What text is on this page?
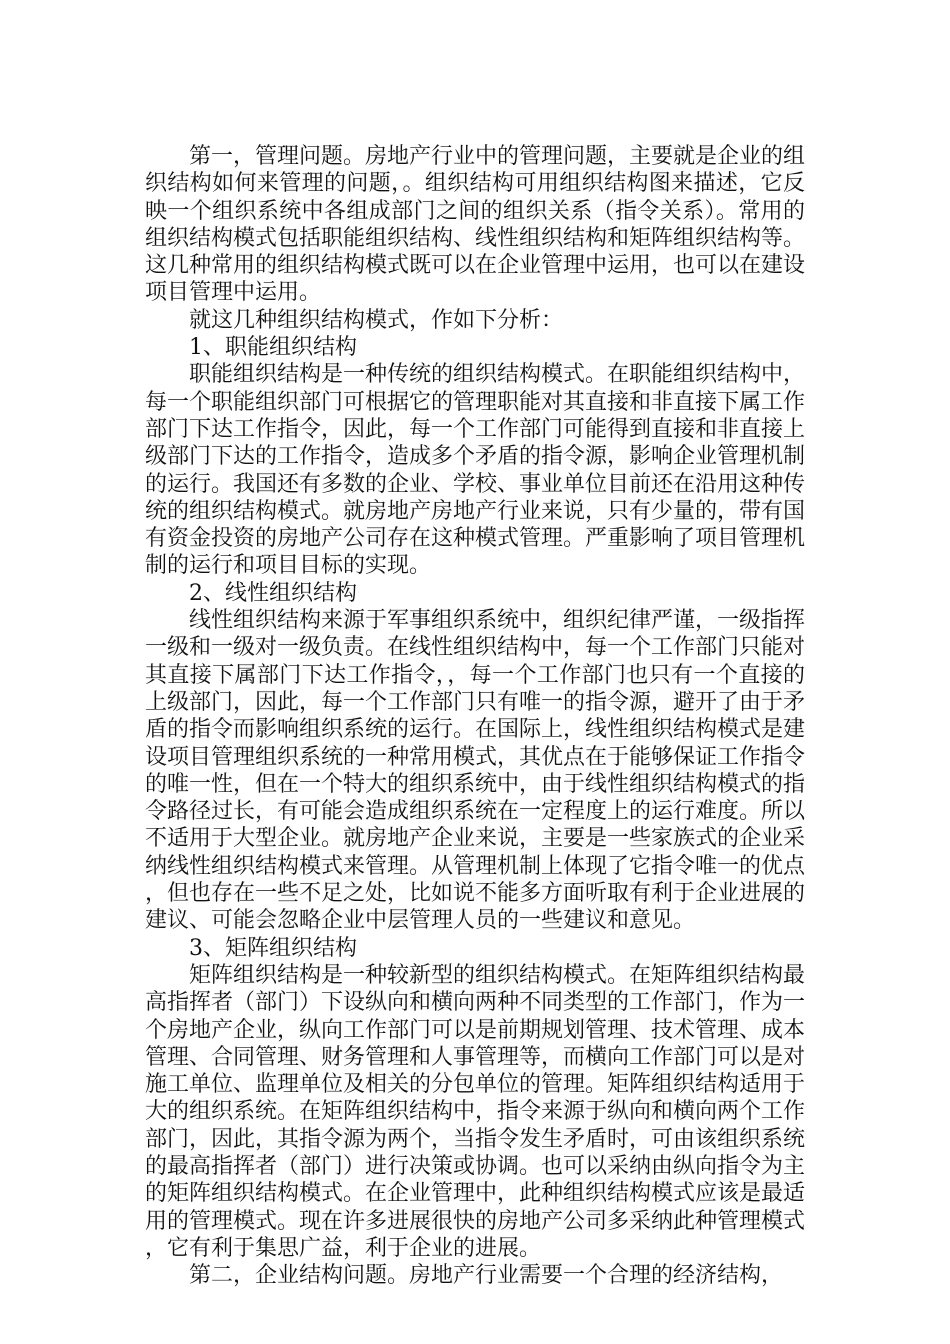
第一，管理问题。房地产行业中的管理问题，主要就是企业的组织结构如何来管理的问题，。组织结构可用组织结构图来描述，它反映一个组织系统中各组成部门之间的组织关系（指令关系）。常用的组织结构模式包括职能组织结构、线性组织结构和矩阵组织结构等。这几种常用的组织结构模式既可以在企业管理中运用，也可以在建设项目管理中运用。

就这几种组织结构模式，作如下分析：

1、职能组织结构

职能组织结构是一种传统的组织结构模式。在职能组织结构中，每一个职能组织部门可根据它的管理职能对其直接和非直接下属工作部门下达工作指令，因此，每一个工作部门可能得到直接和非直接上级部门下达的工作指令，造成多个矛盾的指令源，影响企业管理机制的运行。我国还有多数的企业、学校、事业单位目前还在沿用这种传统的组织结构模式。就房地产房地产行业来说，只有少量的，带有国有资金投资的房地产公司存在这种模式管理。严重影响了项目管理机制的运行和项目目标的实现。

2、线性组织结构

线性组织结构来源于军事组织系统中，组织纪律严谨，一级指挥一级和一级对一级负责。在线性组织结构中，每一个工作部门只能对其直接下属部门下达工作指令，，每一个工作部门也只有一个直接的上级部门，因此，每一个工作部门只有唯一的指令源，避开了由于矛盾的指令而影响组织系统的运行。在国际上，线性组织结构模式是建设项目管理组织系统的一种常用模式，其优点在于能够保证工作指令的唯一性，但在一个特大的组织系统中，由于线性组织结构模式的指令路径过长，有可能会造成组织系统在一定程度上的运行难度。所以不适用于大型企业。就房地产企业来说，主要是一些家族式的企业采纳线性组织结构模式来管理。从管理机制上体现了它指令唯一的优点，但也存在一些不足之处，比如说不能多方面听取有利于企业进展的建议、可能会忽略企业中层管理人员的一些建议和意见。

3、矩阵组织结构

矩阵组织结构是一种较新型的组织结构模式。在矩阵组织结构最高指挥者（部门）下设纵向和横向两种不同类型的工作部门，作为一个房地产企业，纵向工作部门可以是前期规划管理、技术管理、成本管理、合同管理、财务管理和人事管理等，而横向工作部门可以是对施工单位、监理单位及相关的分包单位的管理。矩阵组织结构适用于大的组织系统。在矩阵组织结构中，指令来源于纵向和横向两个工作部门，因此，其指令源为两个，当指令发生矛盾时，可由该组织系统的最高指挥者（部门）进行决策或协调。也可以采纳由纵向指令为主的矩阵组织结构模式。在企业管理中，此种组织结构模式应该是最适用的管理模式。现在许多进展很快的房地产公司多采纳此种管理模式，它有利于集思广益，利于企业的进展。

第二，企业结构问题。房地产行业需要一个合理的经济结构，
